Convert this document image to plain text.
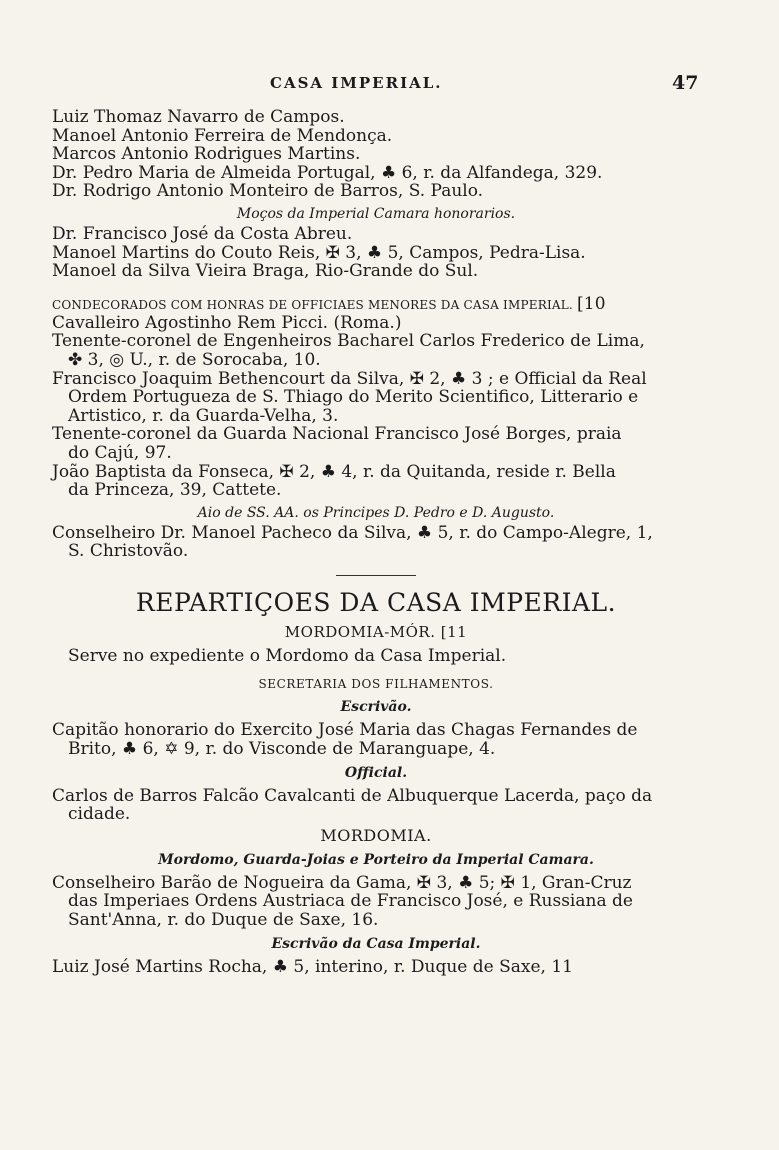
CASA IMPERIAL.	47
Luiz Thomaz Navarro de Campos.
Manoel Antonio Ferreira de Mendonça.
Marcos Antonio Rodrigues Martins.
Dr. Pedro Maria de Almeida Portugal, ♣ 6, r. da Alfandega, 329.
Dr. Rodrigo Antonio Monteiro de Barros, S. Paulo.
Moços da Imperial Camara honorarios.
Dr. Francisco José da Costa Abreu.
Manoel Martins do Couto Reis, ✠ 3, ♣ 5, Campos, Pedra-Lisa.
Manoel da Silva Vieira Braga, Rio-Grande do Sul.
CONDECORADOS COM HONRAS DE OFFICIAES MENORES DA CASA IMPERIAL. [10
Cavalleiro Agostinho Rem Picci. (Roma.)
Tenente-coronel de Engenheiros Bacharel Carlos Frederico de Lima,
✤ 3, ◎ U., r. de Sorocaba, 10.
Francisco Joaquim Bethencourt da Silva, ✠ 2, ♣ 3 ; e Official da Real
Ordem Portugueza de S. Thiago do Merito Scientifico, Litterario e
Artistico, r. da Guarda-Velha, 3.
Tenente-coronel da Guarda Nacional Francisco José Borges, praia
do Cajú, 97.
João Baptista da Fonseca, ✠ 2, ♣ 4, r. da Quitanda, reside r. Bella
da Princeza, 39, Cattete.
Aio de SS. AA. os Principes D. Pedro e D. Augusto.
Conselheiro Dr. Manoel Pacheco da Silva, ♣ 5, r. do Campo-Alegre, 1,
S. Christovão.
REPARTIÇOES DA CASA IMPERIAL.
MORDOMIA-MÓR. [11
Serve no expediente o Mordomo da Casa Imperial.
SECRETARIA DOS FILHAMENTOS.
Escrivão.
Capitão honorario do Exercito José Maria das Chagas Fernandes de
Brito, ♣ 6, ✡ 9, r. do Visconde de Maranguape, 4.
Official.
Carlos de Barros Falcão Cavalcanti de Albuquerque Lacerda, paço da
cidade.
MORDOMIA.
Mordomo, Guarda-Joias e Porteiro da Imperial Camara.
Conselheiro Barão de Nogueira da Gama, ✠ 3, ♣ 5; ✠ 1, Gran-Cruz
das Imperiaes Ordens Austriaca de Francisco José, e Russiana de
Sant'Anna, r. do Duque de Saxe, 16.
Escrivão da Casa Imperial.
Luiz José Martins Rocha, ♣ 5, interino, r. Duque de Saxe, 11
